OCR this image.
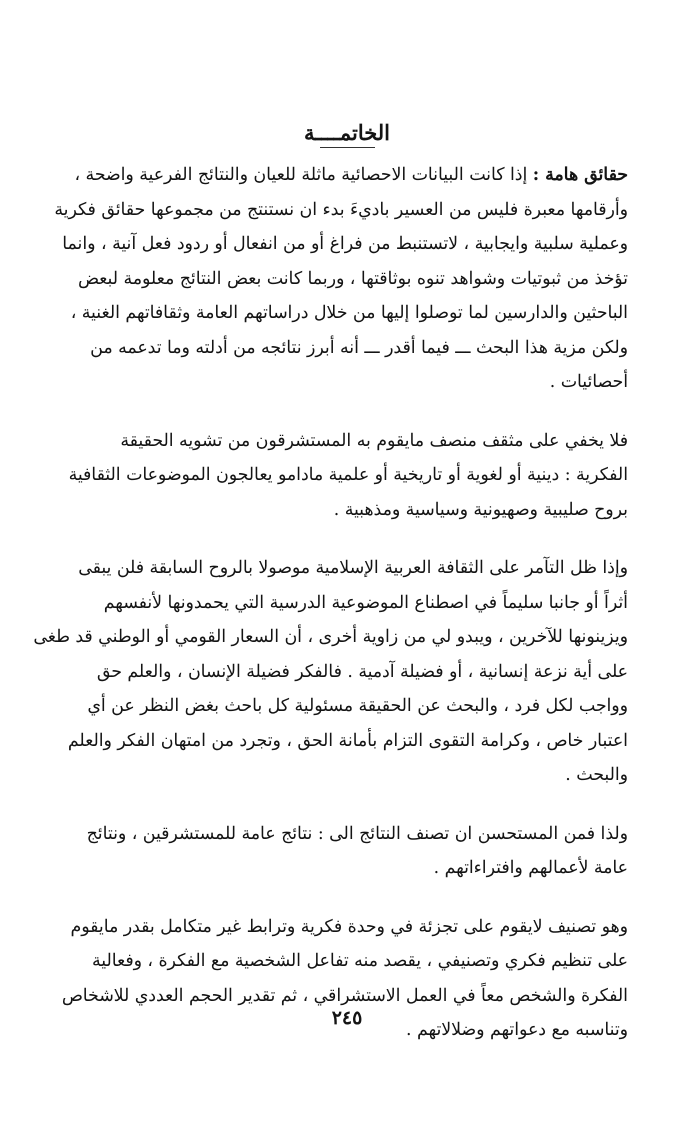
الخاتمــــة

حقائق هامة : إذا كانت البيانات الاحصائية ماثلة للعيان والنتائج الفرعية واضحة ،
وأرقامها معبرة فليس من العسير باديءَ بدء ان نستنتج من مجموعها حقائق فكرية
وعملية سلبية وايجابية ، لاتستنبط من فراغ أو من انفعال أو ردود فعل آنية ، وانما
تؤخذ من ثبوتيات وشواهد تنوه بوثاقتها ، وربما كانت بعض النتائج معلومة لبعض
الباحثين والدارسين لما توصلوا إليها من خلال دراساتهم العامة وثقافاتهم الغنية ،
ولكن مزية هذا البحث ـــ فيما أقدر ـــ أنه أبرز نتائجه من أدلته وما تدعمه من
أحصائيات .

فلا يخفي على مثقف منصف مايقوم به المستشرقون من تشويه الحقيقة
الفكرية : دينية أو لغوية أو تاريخية أو علمية مادامو يعالجون الموضوعات الثقافية
بروح صليبية وصهيونية وسياسية ومذهبية .

وإذا ظل التآمر على الثقافة العربية الإسلامية موصولا بالروح السابقة فلن يبقى
أثراً أو جانبا سليماً في اصطناع الموضوعية الدرسية التي يحمدونها لأنفسهم
ويزينونها للآخرين ، ويبدو لي من زاوية أخرى ، أن السعار القومي أو الوطني قد طغى
على أية نزعة إنسانية ، أو فضيلة آدمية . فالفكر فضيلة الإنسان ، والعلم حق
وواجب لكل فرد ، والبحث عن الحقيقة مسئولية كل باحث بغض النظر عن أي
اعتبار خاص ، وكرامة التقوى التزام بأمانة الحق ، وتجرد من امتهان الفكر والعلم
والبحث .

ولذا فمن المستحسن ان تصنف النتائج الى : نتائج عامة للمستشرقين ، ونتائج
عامة لأعمالهم وافتراءاتهم .

وهو تصنيف لايقوم على تجزئة في وحدة فكرية وترابط غير متكامل بقدر مايقوم
على تنظيم فكري وتصنيفي ، يقصد منه تفاعل الشخصية مع الفكرة ، وفعالية
الفكرة والشخص معاً في العمل الاستشراقي ، ثم تقدير الحجم العددي للاشخاص
وتناسبه مع دعواتهم وضلالاتهم .

٢٤٥
